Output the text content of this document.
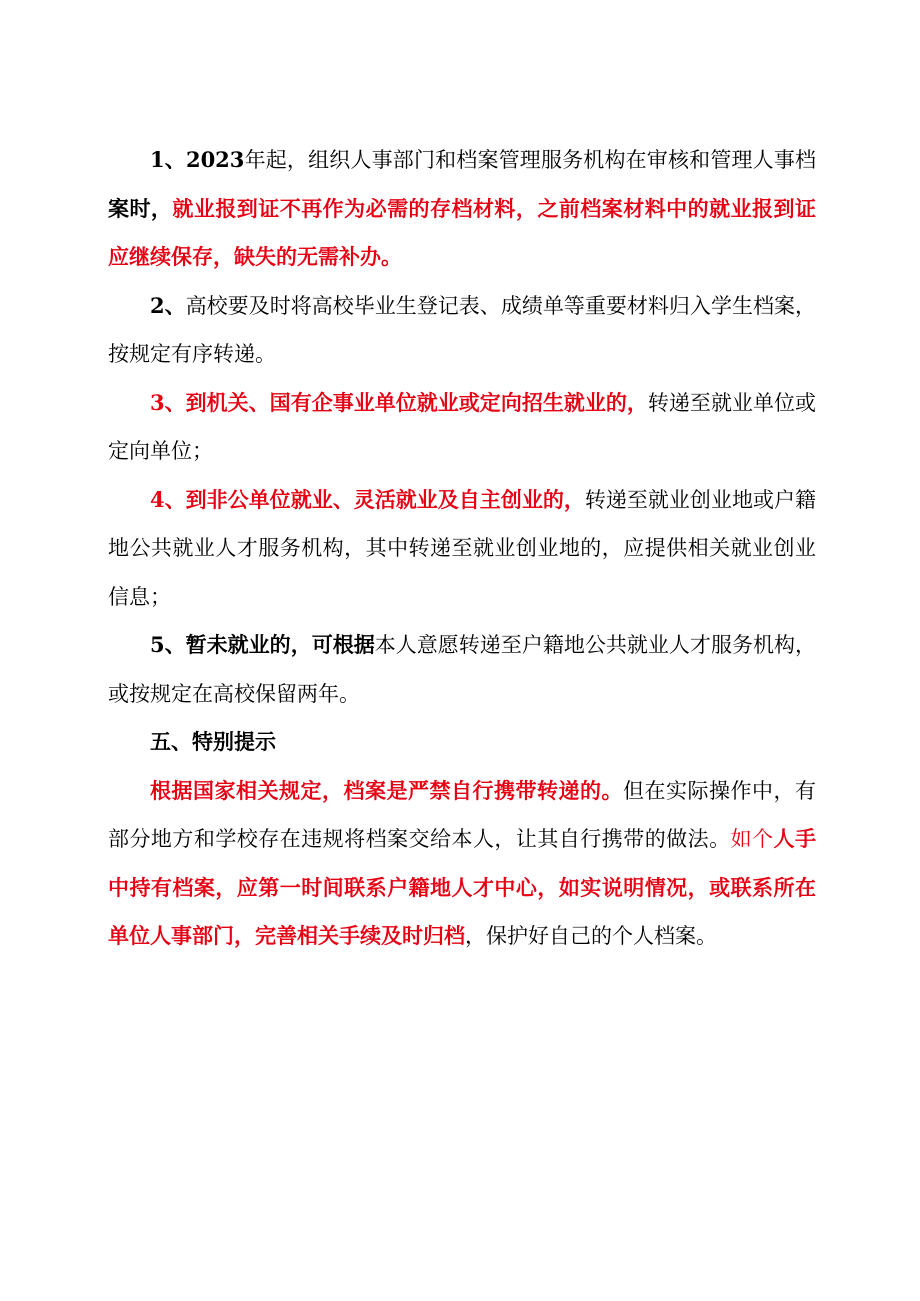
1、2023年起，组织人事部门和档案管理服务机构在审核和管理人事档案时，就业报到证不再作为必需的存档材料，之前档案材料中的就业报到证应继续保存，缺失的无需补办。

2、高校要及时将高校毕业生登记表、成绩单等重要材料归入学生档案，按规定有序转递。

3、到机关、国有企事业单位就业或定向招生就业的，转递至就业单位或定向单位；

4、到非公单位就业、灵活就业及自主创业的，转递至就业创业地或户籍地公共就业人才服务机构，其中转递至就业创业地的，应提供相关就业创业信息；

5、暂未就业的，可根据本人意愿转递至户籍地公共就业人才服务机构，或按规定在高校保留两年。

五、特别提示

根据国家相关规定，档案是严禁自行携带转递的。但在实际操作中，有部分地方和学校存在违规将档案交给本人，让其自行携带的做法。如个人手中持有档案，应第一时间联系户籍地人才中心，如实说明情况，或联系所在单位人事部门，完善相关手续及时归档，保护好自己的个人档案。
